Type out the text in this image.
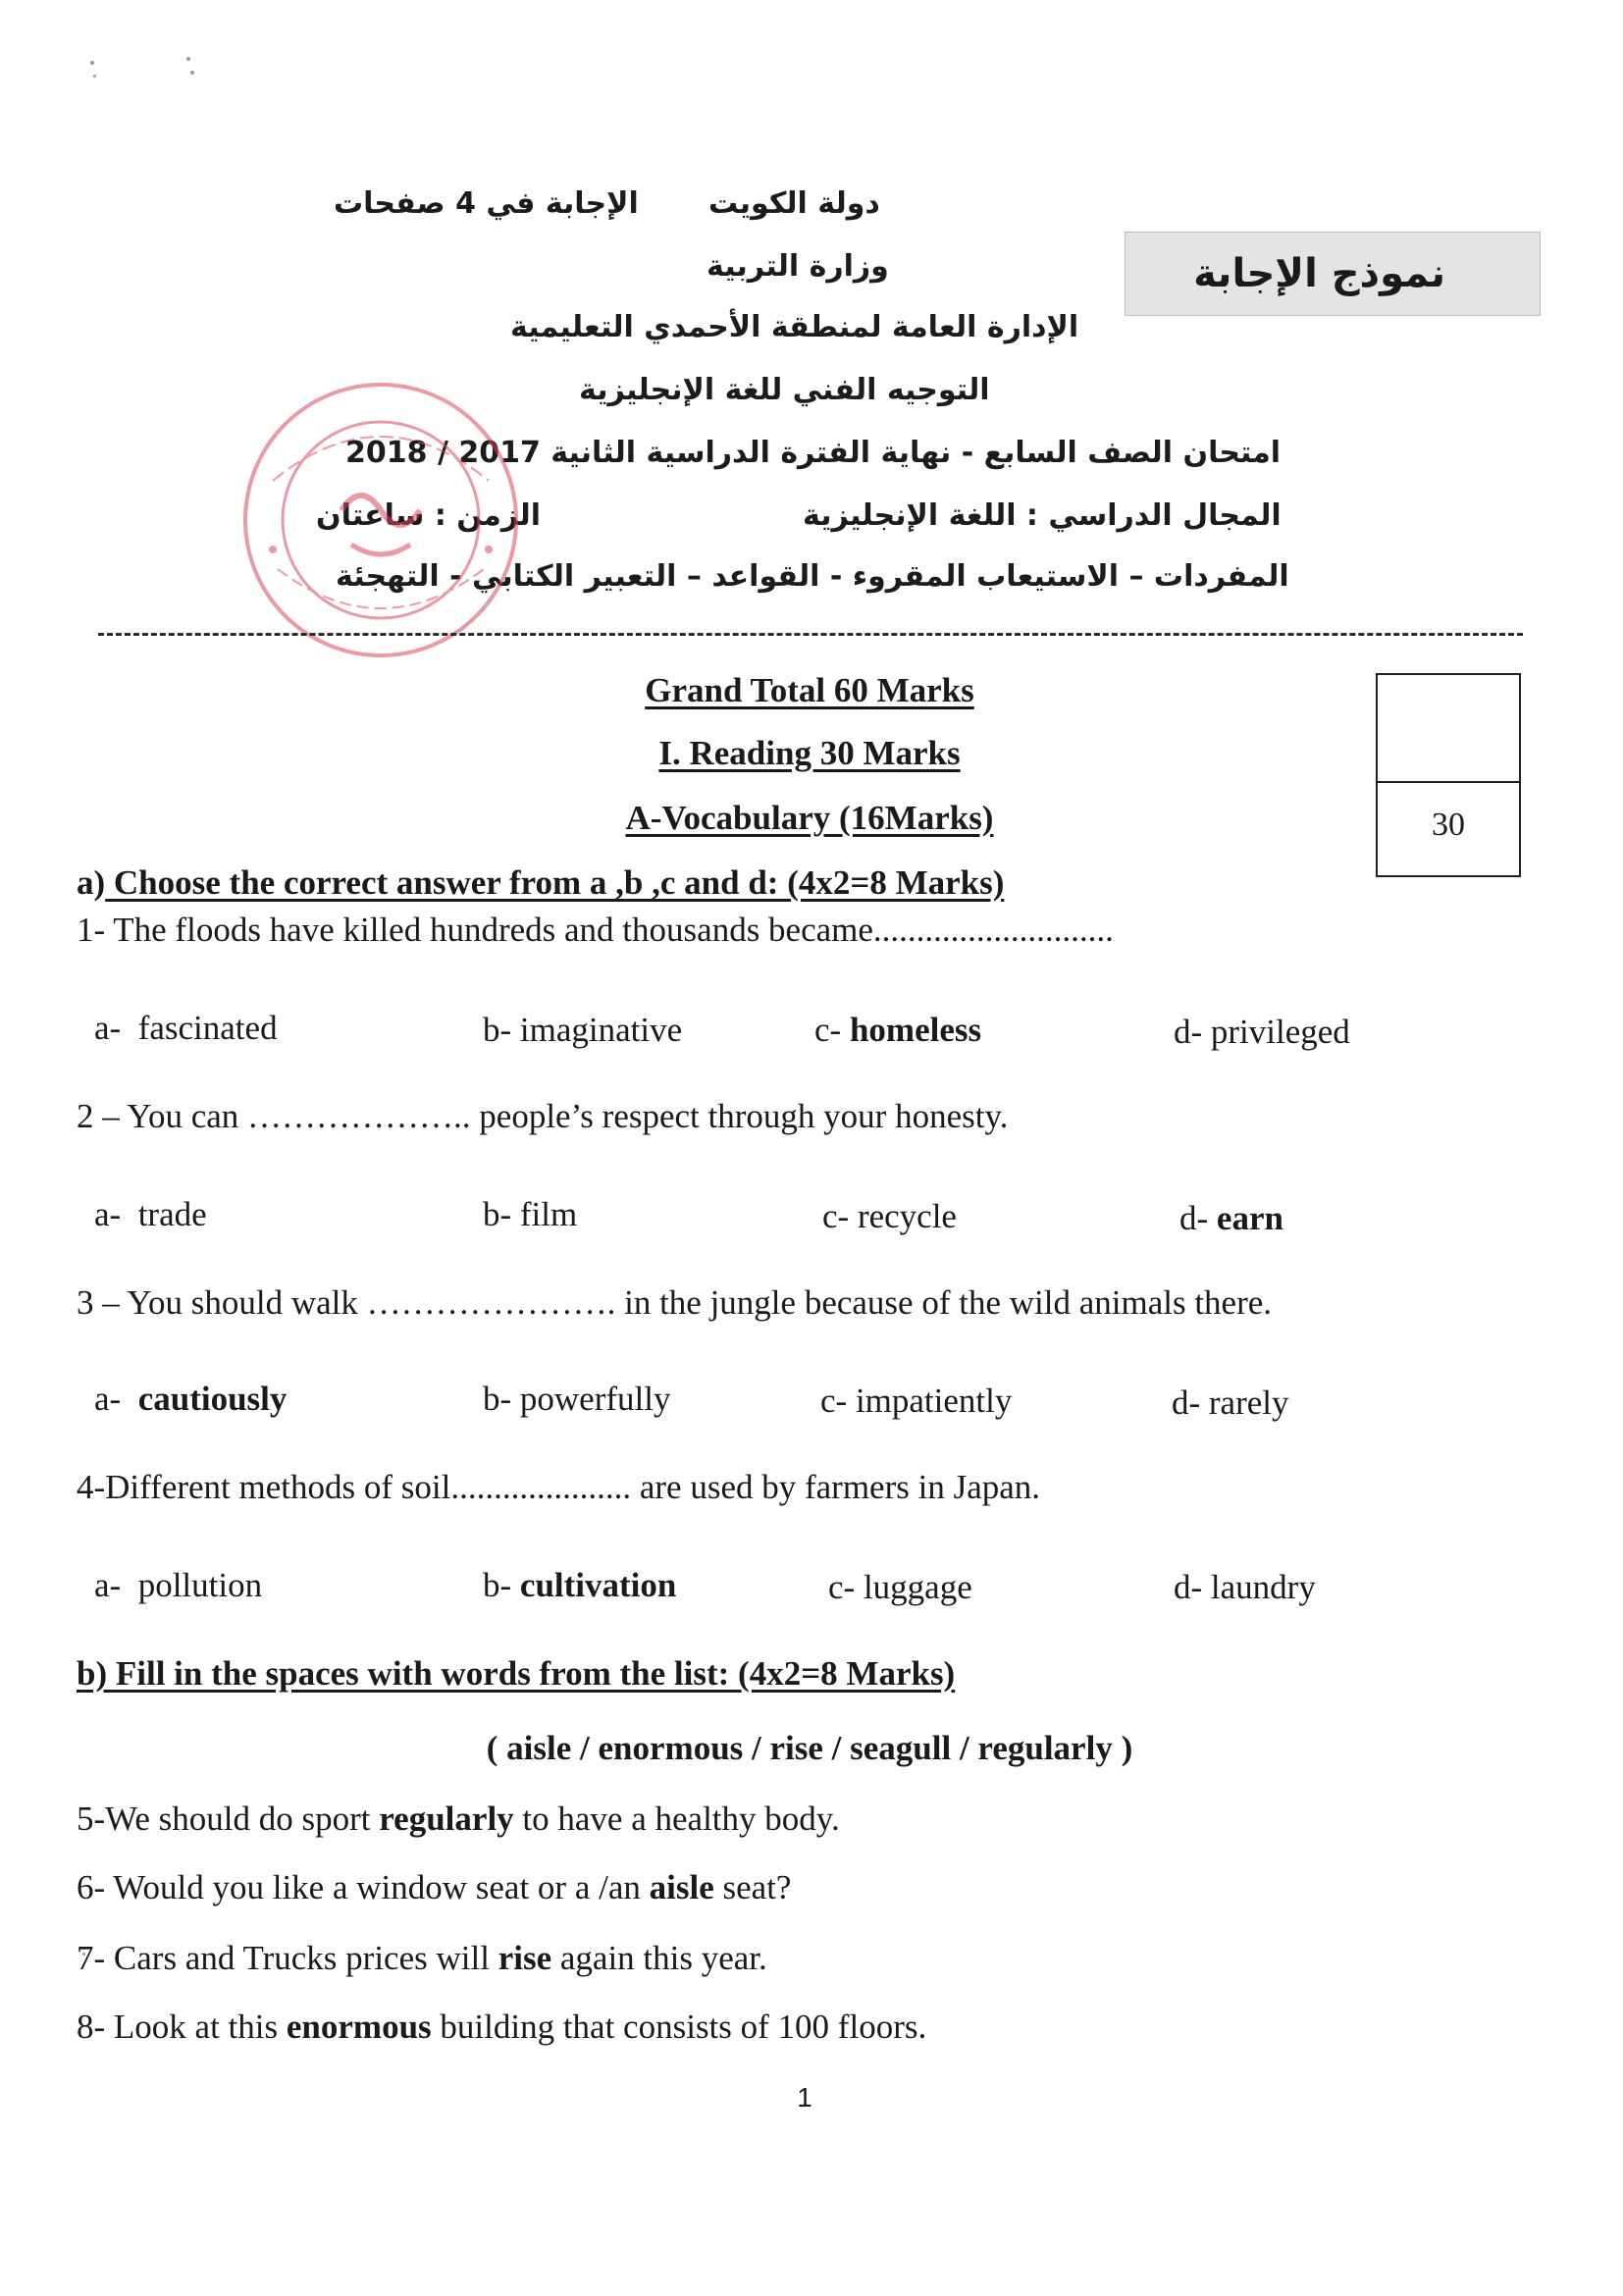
الإجابة في 4 صفحات دولة الكويت
وزارة التربية	نموذج الإجابة
الإدارة العامة لمنطقة الأحمدي التعليمية
التوجيه الفني للغة الإنجليزية
امتحان الصف السابع - نهاية الفترة الدراسية الثانية 2017 / 2018
المجال الدراسي : اللغة الإنجليزية
الزمن : ساعتان
المفردات – الاستيعاب المقروء - القواعد – التعبير الكتابي - التهجئة
30
Grand Total 60 Marks
I. Reading 30 Marks
A-Vocabulary (16Marks)
a) Choose the correct answer from a ,b ,c and d: (4x2=8 Marks)
1- The floods have killed hundreds and thousands became............................
a- fascinated	b- imaginative	c- homeless	d- privileged
2 – You can ……………….. people’s respect through your honesty.
a- trade	b- film	c- recycle	d- earn
3 – You should walk …………………. in the jungle because of the wild animals there.
a- cautiously	b- powerfully	c- impatiently	d- rarely
4-Different methods of soil..................... are used by farmers in Japan.
a- pollution	b- cultivation	c- luggage	d- laundry
b) Fill in the spaces with words from the list: (4x2=8 Marks)
( aisle / enormous / rise / seagull / regularly )
5-We should do sport regularly to have a healthy body.
6- Would you like a window seat or a /an aisle seat?
7- Cars and Trucks prices will rise again this year.
8- Look at this enormous building that consists of 100 floors.
1
